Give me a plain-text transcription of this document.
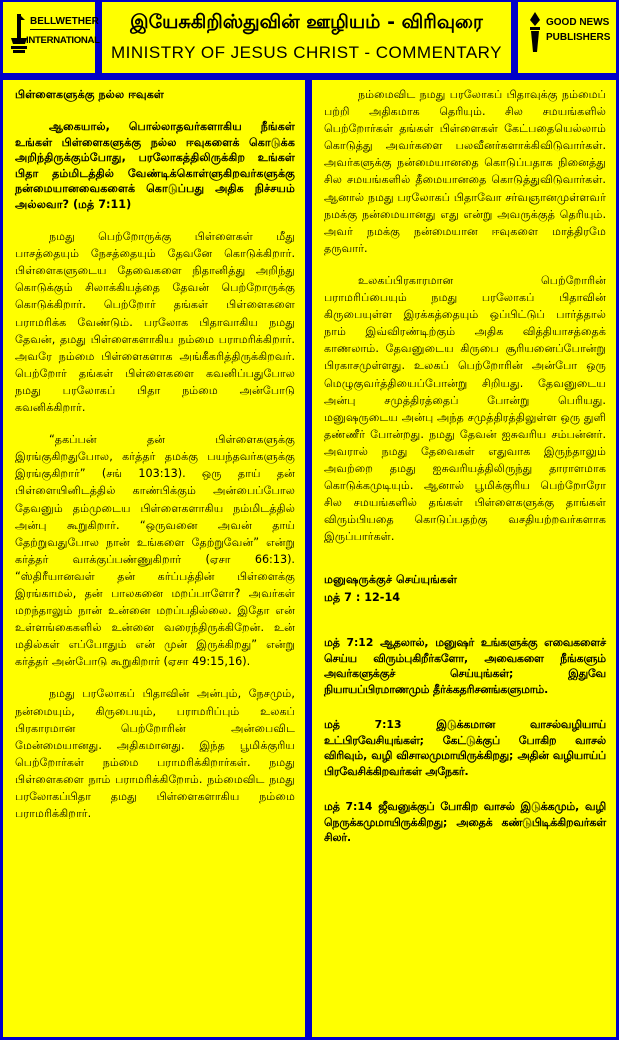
BELLWETHER
INTERNATIONAL
இயேசுகிறிஸ்துவின் ஊழியம் - விரிவுரை
MINISTRY OF JESUS CHRIST - COMMENTARY
GOOD NEWS
PUBLISHERS
பிள்ளைகளுக்கு நல்ல ஈவுகள்
ஆகையால், பொல்லாதவர்களாகிய நீங்கள் உங்கள் பிள்ளைகளுக்கு நல்ல ஈவுகளைக் கொடுக்க அறிந்திருக்கும்போது, பரலோகத்திலிருக்கிற உங்கள் பிதா தம்மிடத்தில் வேண்டிக்கொள்ளுகிறவர்களுக்கு நன்மையானவைகளைக் கொடுப்பது அதிக நிச்சயம் அல்லவா? (மத் 7:11)
நமது பெற்றோருக்கு பிள்ளைகள் மீது பாசத்தையும் நேசத்தையும் தேவனே கொடுக்கிறார். பிள்ளைகளுடைய தேவைகளை நிதானித்து அறிந்து கொடுக்கும் சிலாக்கியத்தை தேவன் பெற்றோருக்கு கொடுக்கிறார். பெற்றோர் தங்கள் பிள்ளைகளை பராமரிக்க வேண்டும். பரலோக பிதாவாகிய நமது தேவன், தமது பிள்ளைகளாகிய நம்மை பராமரிக்கிறார். அவரே நம்மை பிள்ளைகளாக அங்கீகரித்திருக்கிறவர். பெற்றோர் தங்கள் பிள்ளைகளை கவனிப்பதுபோல நமது பரலோகப் பிதா நம்மை அன்போடு கவனிக்கிறார்.
“தகப்பன் தன் பிள்ளைகளுக்கு இரங்குகிறதுபோல, கர்த்தர் தமக்கு பயந்தவர்களுக்கு இரங்குகிறார்” (சங் 103:13). ஒரு தாய் தன் பிள்ளையினிடத்தில் காண்பிக்கும் அன்பைப்போல தேவனும் தம்முடைய பிள்ளைகளாகிய நம்மிடத்தில் அன்பு கூறுகிறார். “ஒருவனை அவன் தாய் தேற்றுவதுபோல நான் உங்களை தேற்றுவேன்” என்று கர்த்தர் வாக்குப்பண்ணுகிறார் (ஏசா 66:13). “ஸ்திரீயானவள் தன் கர்ப்பத்தின் பிள்ளைக்கு இரங்காமல், தன் பாலகனை மறப்பாளோ? அவர்கள் மறந்தாலும் நான் உன்னை மறப்பதில்லை. இதோ என் உள்ளங்கைகளில் உன்னை வரைந்திருக்கிறேன். உன் மதில்கள் எப்போதும் என் முன் இருக்கிறது” என்று கர்த்தர் அன்போடு கூறுகிறார் (ஏசா 49:15,16).
நமது பரலோகப் பிதாவின் அன்பும், நேசமும், நன்மையும், கிருபையும், பராமரிப்பும் உலகப் பிரகாரமான பெற்றோரின் அன்பைவிட மேன்மையானது. அதிகமானது. இந்த பூமிக்குரிய பெற்றோர்கள் நம்மை பராமரிக்கிறார்கள். நமது பிள்ளைகளை நாம் பராமரிக்கிறோம். நம்மைவிட நமது பரலோகப்பிதா தமது பிள்ளைகளாகிய நம்மை பராமரிக்கிறார்.
நம்மைவிட நமது பரலோகப் பிதாவுக்கு நம்மைப் பற்றி அதிகமாக தெரியும். சில சமயங்களில் பெற்றோர்கள் தங்கள் பிள்ளைகள் கேட்பதையெல்லாம் கொடுத்து அவர்களை பலவீனர்களாக்கிவிடுவார்கள். அவர்களுக்கு நன்மையானதை கொடுப்பதாக நினைத்து சில சமயங்களில் தீமையானதை கொடுத்துவிடுவார்கள். ஆனால் நமது பரலோகப் பிதாவோ சர்வஞானமுள்ளவர் நமக்கு நன்மையானது எது என்று அவருக்குத் தெரியும். அவர் நமக்கு நன்மையான ஈவுகளை மாத்திரமே தருவார்.
உலகப்பிரகாரமான பெற்றோரின் பராமரிப்பையும் நமது பரலோகப் பிதாவின் கிருபையுள்ள இரக்கத்தையும் ஒப்பிட்டுப் பார்த்தால் நாம் இவ்விரண்டிற்கும் அதிக வித்தியாசத்தைக் காணலாம். தேவனுடைய கிருபை சூரியனைப்போன்று பிரகாசமுள்ளது. உலகப் பெற்றோரின் அன்போ ஒரு மெழுகுவர்த்தியைப்போன்று சிறியது. தேவனுடைய அன்பு சமுத்திரத்தைப் போன்று பெரியது. மனுஷருடைய அன்பு அந்த சமுத்திரத்திலுள்ள ஒரு துளி தண்ணீர் போன்றது. நமது தேவன் ஐசுவரிய சம்பன்னர். அவரால் நமது தேவைகள் எதுவாக இருந்தாலும் அவற்றை தமது ஐசுவரியத்திலிருந்து தாராளமாக கொடுக்கமுடியும். ஆனால் பூமிக்குரிய பெற்றோரோ சில சமயங்களில் தங்கள் பிள்ளைகளுக்கு தாங்கள் விரும்பியதை கொடுப்பதற்கு வசதியற்றவர்களாக இருப்பார்கள்.
மனுஷருக்குச் செய்யுங்கள்
மத் 7 : 12-14
மத் 7:12 ஆதலால், மனுஷர் உங்களுக்கு எவைகளைச் செய்ய விரும்புகிறீர்களோ, அவைகளை நீங்களும் அவர்களுக்குச் செய்யுங்கள்; இதுவே நியாயப்பிரமாணமும் தீர்க்கதரிசனங்களுமாம்.
மத் 7:13 இடுக்கமான வாசல்வழியாய் உட்பிரவேசியுங்கள்; கேட்டுக்குப் போகிற வாசல் விரிவும், வழி விசாலமுமாயிருக்கிறது; அதின் வழியாய்ப் பிரவேசிக்கிறவர்கள் அநேகர்.
மத் 7:14 ஜீவனுக்குப் போகிற வாசல் இடுக்கமும், வழி நெருக்கமுமாயிருக்கிறது; அதைக் கண்டுபிடிக்கிறவர்கள் சிலர்.
